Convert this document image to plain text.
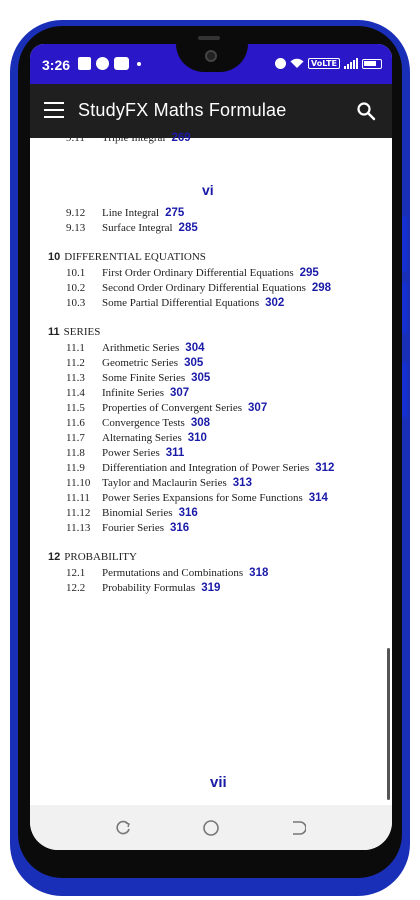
3:26	VoLTE
StudyFX Maths Formulae
9.11 Triple Integral 269
vi
9.12 Line Integral 275
9.13 Surface Integral 285
10 DIFFERENTIAL EQUATIONS
10.1 First Order Ordinary Differential Equations 295
10.2 Second Order Ordinary Differential Equations 298
10.3 Some Partial Differential Equations 302
11 SERIES
11.1 Arithmetic Series 304
11.2 Geometric Series 305
11.3 Some Finite Series 305
11.4 Infinite Series 307
11.5 Properties of Convergent Series 307
11.6 Convergence Tests 308
11.7 Alternating Series 310
11.8 Power Series 311
11.9 Differentiation and Integration of Power Series 312
11.10 Taylor and Maclaurin Series 313
11.11 Power Series Expansions for Some Functions 314
11.12 Binomial Series 316
11.13 Fourier Series 316
12 PROBABILITY
12.1 Permutations and Combinations 318
12.2 Probability Formulas 319
vii
